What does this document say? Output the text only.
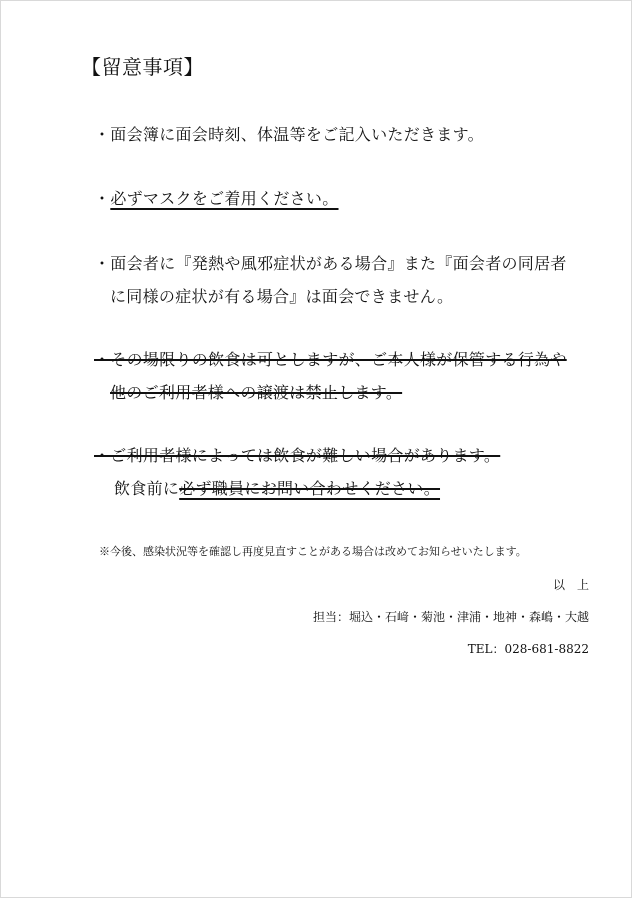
【留意事項】
・面会簿に面会時刻、体温等をご記入いただきます。
・必ずマスクをご着用ください。
・面会者に『発熱や風邪症状がある場合』また『面会者の同居者
に同様の症状が有る場合』は面会できません。
・その場限りの飲食は可としますが、ご本人様が保管する行為や
他のご利用者様への譲渡は禁止します。
・ご利用者様によっては飲食が難しい場合があります。
飲食前に必ず職員にお問い合わせください。
※今後、感染状況等を確認し再度見直すことがある場合は改めてお知らせいたします。
以　上
担当：堀込・石﨑・菊池・津浦・地神・森嶋・大越
TEL：028-681-8822
